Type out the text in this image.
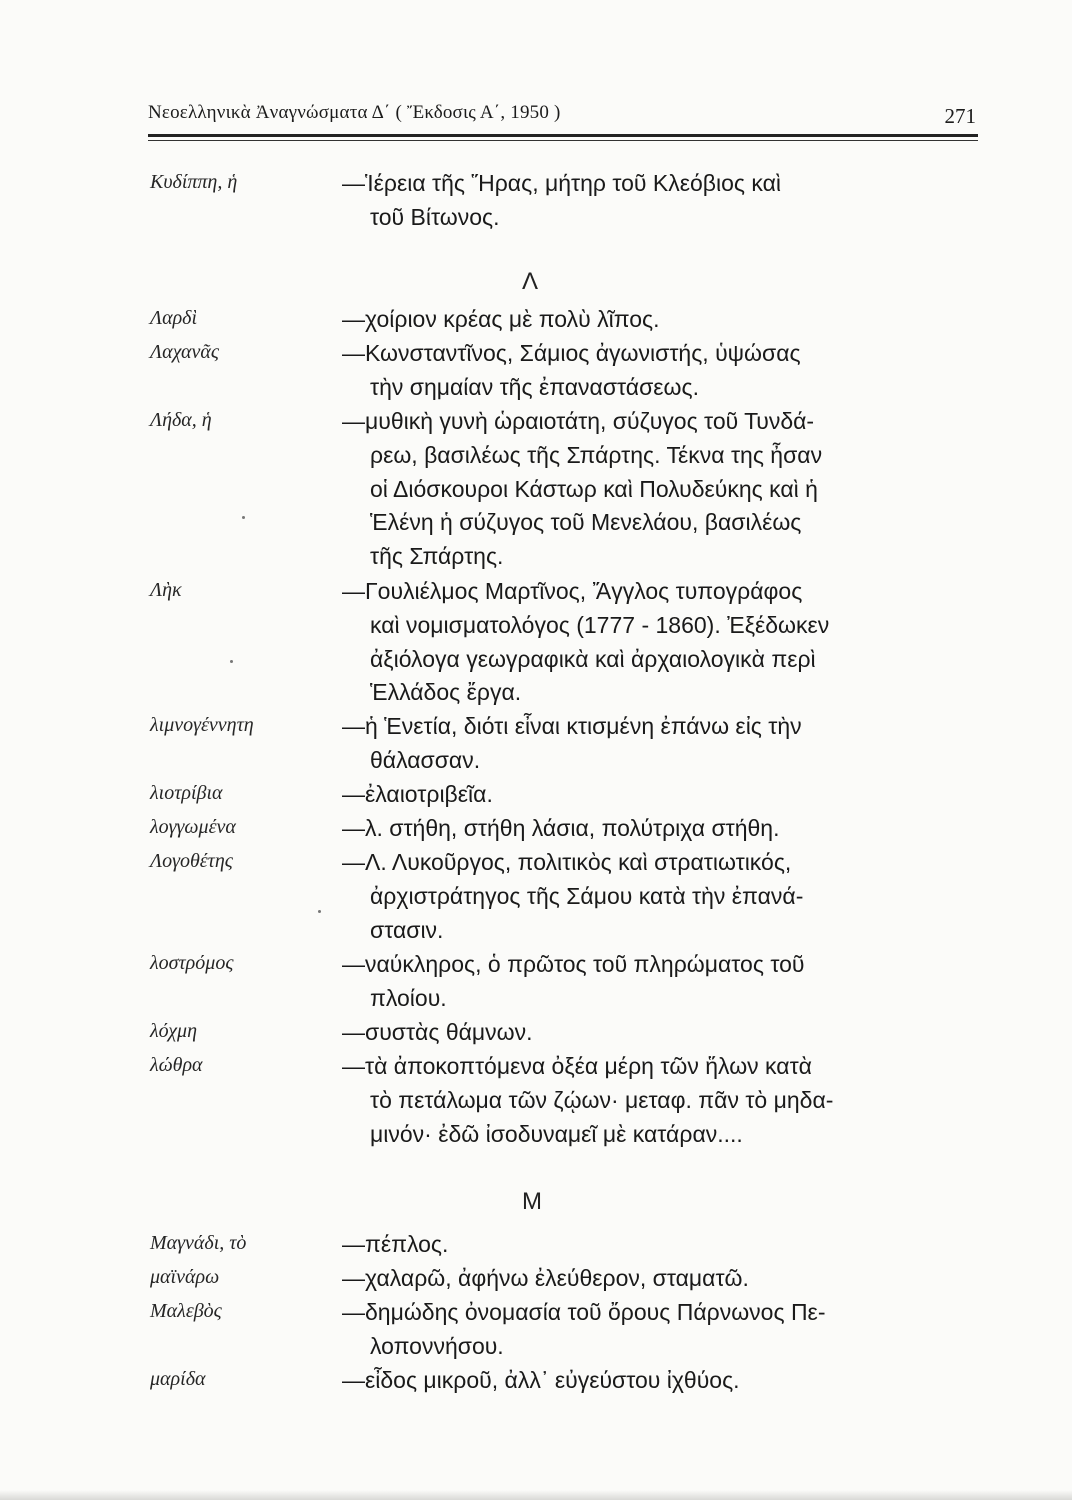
Νεοελληνικὰ Ἀναγνώσματα Δ΄ ( Ἔκδοσις Α΄, 1950 )	271
Κυδίππη, ἡ	—Ἱέρεια τῆς Ἥρας, μήτηρ τοῦ Κλεόβιος καὶ
τοῦ Βίτωνος.
Λ
Λαρδὶ	—χοίριον κρέας μὲ πολὺ λῖπος.
Λαχανᾶς	—Κωνσταντῖνος, Σάμιος ἀγωνιστής, ὑψώσας
τὴν σημαίαν τῆς ἐπαναστάσεως.
Λήδα, ἡ	—μυθικὴ γυνὴ ὡραιοτάτη, σύζυγος τοῦ Τυνδά-
ρεω, βασιλέως τῆς Σπάρτης. Τέκνα της ἦσαν
οἱ Διόσκουροι Κάστωρ καὶ Πολυδεύκης καὶ ἡ
Ἑλένη ἡ σύζυγος τοῦ Μενελάου, βασιλέως
τῆς Σπάρτης.
Λὴκ	—Γουλιέλμος Μαρτῖνος, Ἄγγλος τυπογράφος
καὶ νομισματολόγος (1777 - 1860). Ἐξέδωκεν
ἀξιόλογα γεωγραφικὰ καὶ ἀρχαιολογικὰ περὶ
Ἑλλάδος ἔργα.
λιμνογέννητη	—ἡ Ἑνετία, διότι εἶναι κτισμένη ἐπάνω εἰς τὴν
θάλασσαν.
λιοτρίβια	—ἐλαιοτριβεῖα.
λογγωμένα	—λ. στήθη, στήθη λάσια, πολύτριχα στήθη.
Λογοθέτης	—Λ. Λυκοῦργος, πολιτικὸς καὶ στρατιωτικός,
ἀρχιστράτηγος τῆς Σάμου κατὰ τὴν ἐπανά-
στασιν.
λοστρόμος	—ναύκληρος, ὁ πρῶτος τοῦ πληρώματος τοῦ
πλοίου.
λόχμη	—συστὰς θάμνων.
λώθρα	—τὰ ἀποκοπτόμενα ὀξέα μέρη τῶν ἥλων κατὰ
τὸ πετάλωμα τῶν ζῴων· μεταφ. πᾶν τὸ μηδα-
μινόν· ἐδῶ ἰσοδυναμεῖ μὲ κατάραν....
Μ
Μαγνάδι, τὸ	—πέπλος.
μαϊνάρω	—χαλαρῶ, ἀφήνω ἐλεύθερον, σταματῶ.
Μαλεβὸς	—δημώδης ὀνομασία τοῦ ὄρους Πάρνωνος Πε-
λοποννήσου.
μαρίδα	—εἶδος μικροῦ, ἀλλ᾽ εὐγεύστου ἰχθύος.
